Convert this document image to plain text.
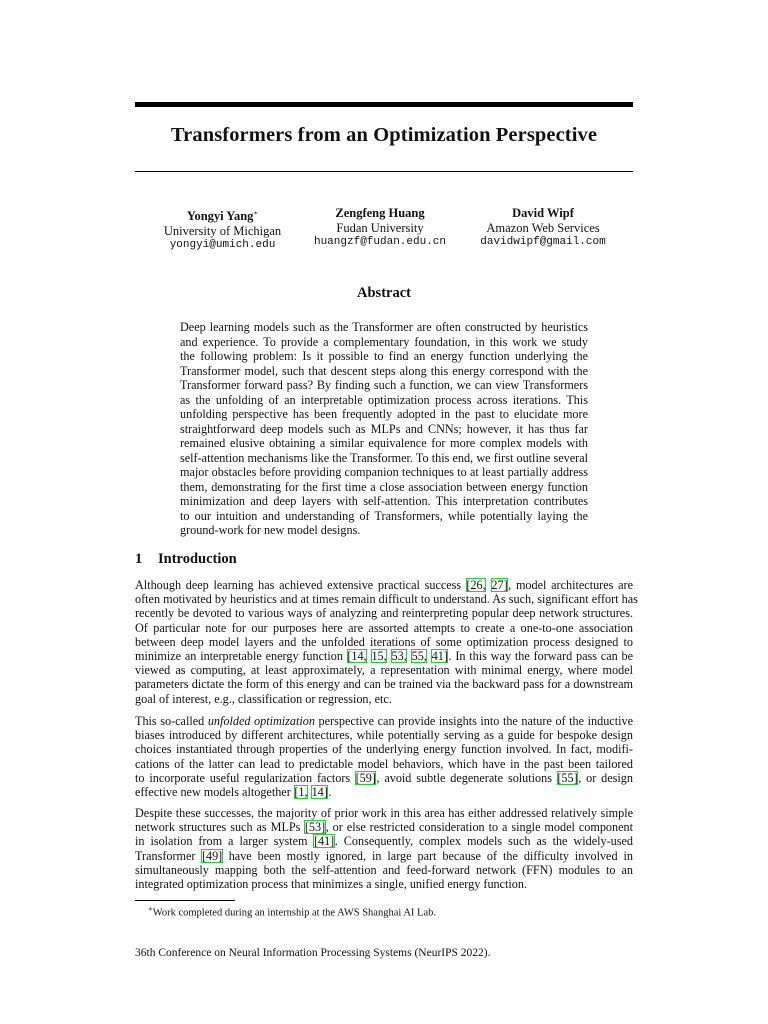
Transformers from an Optimization Perspective
Yongyi Yang∗
University of Michigan
yongyi@umich.edu
Zengfeng Huang
Fudan University
huangzf@fudan.edu.cn
David Wipf
Amazon Web Services
davidwipf@gmail.com
Abstract
Deep learning models such as the Transformer are often constructed by heuristics
and experience. To provide a complementary foundation, in this work we study
the following problem: Is it possible to find an energy function underlying the
Transformer model, such that descent steps along this energy correspond with the
Transformer forward pass? By finding such a function, we can view Transformers
as the unfolding of an interpretable optimization process across iterations. This
unfolding perspective has been frequently adopted in the past to elucidate more
straightforward deep models such as MLPs and CNNs; however, it has thus far
remained elusive obtaining a similar equivalence for more complex models with
self-attention mechanisms like the Transformer. To this end, we first outline several
major obstacles before providing companion techniques to at least partially address
them, demonstrating for the first time a close association between energy function
minimization and deep layers with self-attention. This interpretation contributes
to our intuition and understanding of Transformers, while potentially laying the
ground-work for new model designs.
1 Introduction
Although deep learning has achieved extensive practical success [26, 27], model architectures are
often motivated by heuristics and at times remain difficult to understand. As such, significant effort has
recently be devoted to various ways of analyzing and reinterpreting popular deep network structures.
Of particular note for our purposes here are assorted attempts to create a one-to-one association
between deep model layers and the unfolded iterations of some optimization process designed to
minimize an interpretable energy function [14, 15, 53, 55, 41]. In this way the forward pass can be
viewed as computing, at least approximately, a representation with minimal energy, where model
parameters dictate the form of this energy and can be trained via the backward pass for a downstream
goal of interest, e.g., classification or regression, etc.
This so-called unfolded optimization perspective can provide insights into the nature of the inductive
biases introduced by different architectures, while potentially serving as a guide for bespoke design
choices instantiated through properties of the underlying energy function involved. In fact, modifi-
cations of the latter can lead to predictable model behaviors, which have in the past been tailored
to incorporate useful regularization factors [59], avoid subtle degenerate solutions [55], or design
effective new models altogether [1, 14].
Despite these successes, the majority of prior work in this area has either addressed relatively simple
network structures such as MLPs [53], or else restricted consideration to a single model component
in isolation from a larger system [41]. Consequently, complex models such as the widely-used
Transformer [49] have been mostly ignored, in large part because of the difficulty involved in
simultaneously mapping both the self-attention and feed-forward network (FFN) modules to an
integrated optimization process that minimizes a single, unified energy function.
∗Work completed during an internship at the AWS Shanghai AI Lab.
36th Conference on Neural Information Processing Systems (NeurIPS 2022).
